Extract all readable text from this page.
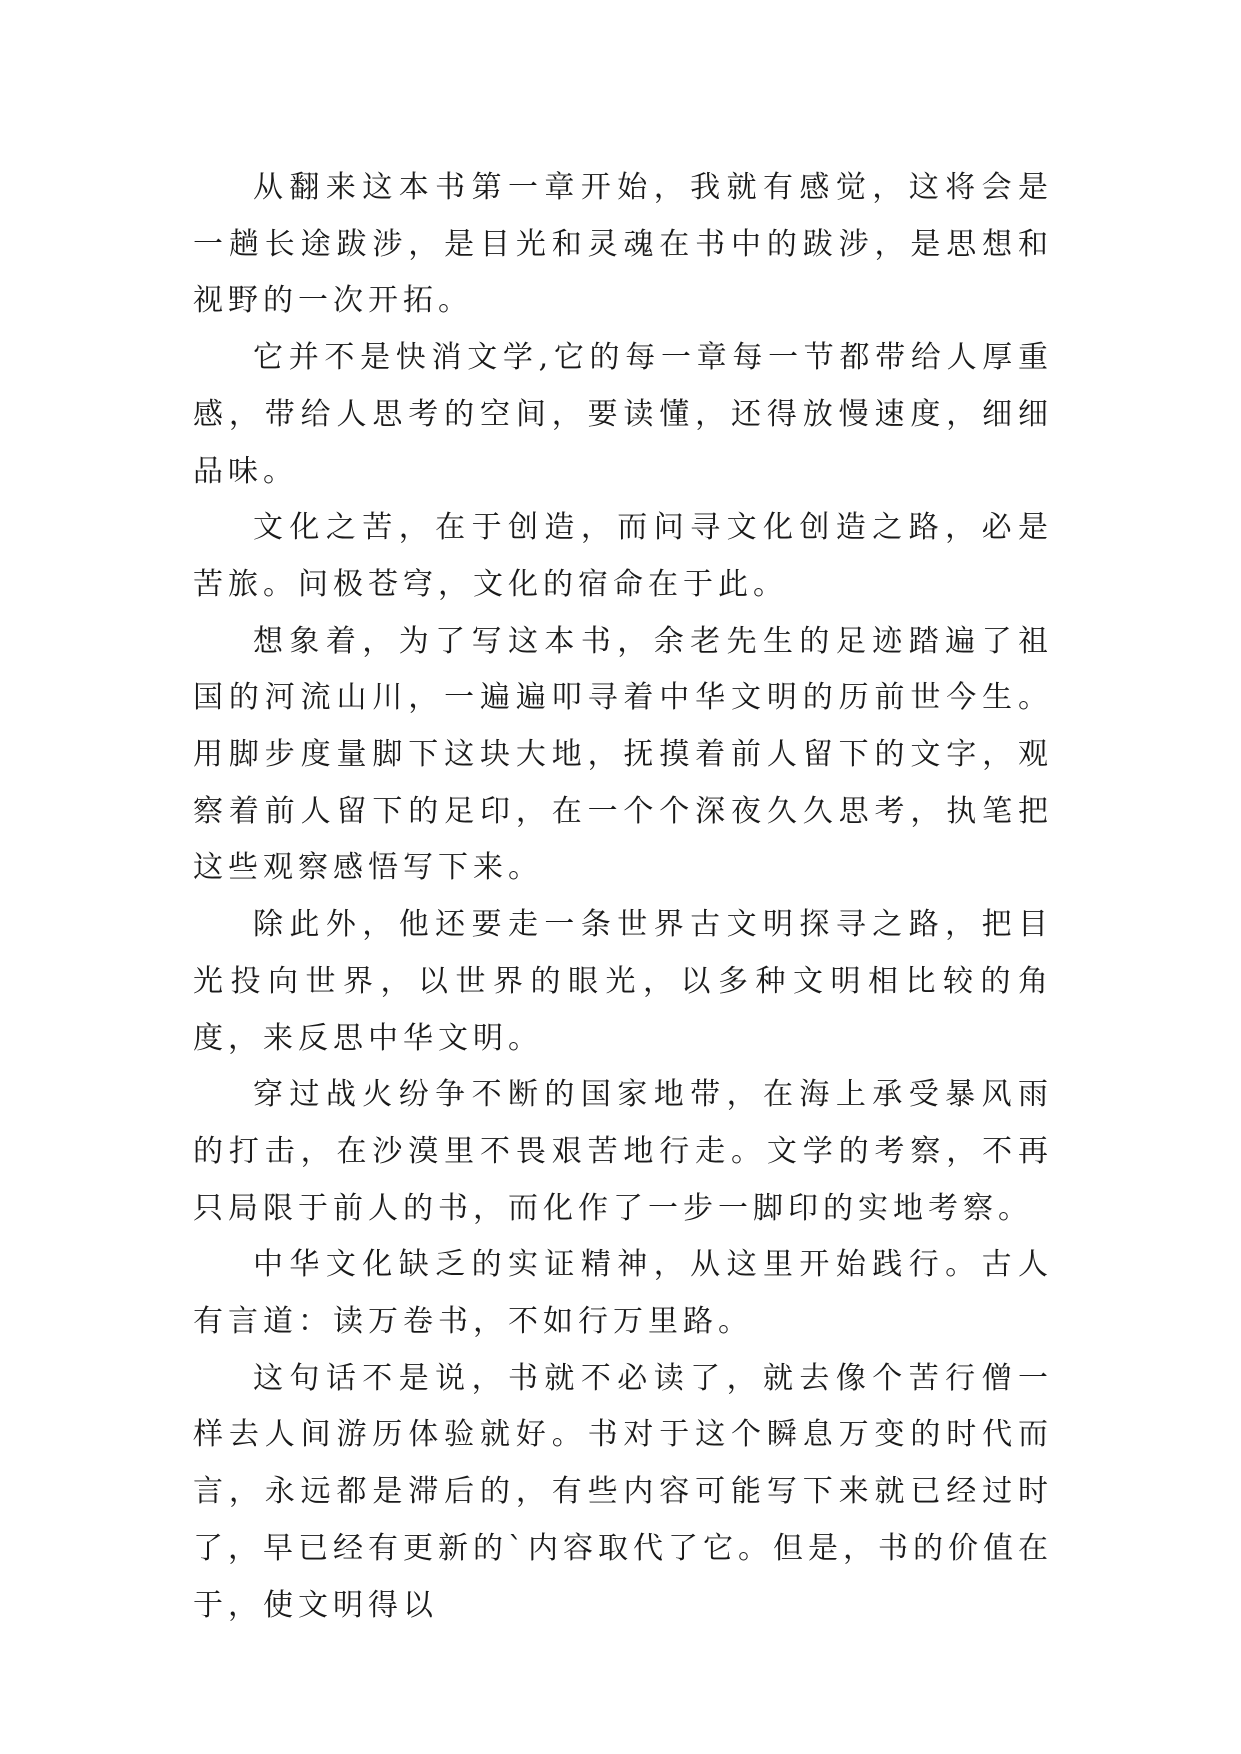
从翻来这本书第一章开始，我就有感觉，这将会是一趟长途跋涉，是目光和灵魂在书中的跋涉，是思想和视野的一次开拓。

它并不是快消文学,它的每一章每一节都带给人厚重感，带给人思考的空间，要读懂，还得放慢速度，细细品味。

文化之苦，在于创造，而问寻文化创造之路，必是苦旅。问极苍穹，文化的宿命在于此。

想象着，为了写这本书，余老先生的足迹踏遍了祖国的河流山川，一遍遍叩寻着中华文明的历前世今生。用脚步度量脚下这块大地，抚摸着前人留下的文字，观察着前人留下的足印，在一个个深夜久久思考，执笔把这些观察感悟写下来。

除此外，他还要走一条世界古文明探寻之路，把目光投向世界，以世界的眼光，以多种文明相比较的角度，来反思中华文明。

穿过战火纷争不断的国家地带，在海上承受暴风雨的打击，在沙漠里不畏艰苦地行走。文学的考察，不再只局限于前人的书，而化作了一步一脚印的实地考察。

中华文化缺乏的实证精神，从这里开始践行。古人有言道：读万卷书，不如行万里路。

这句话不是说，书就不必读了，就去像个苦行僧一样去人间游历体验就好。书对于这个瞬息万变的时代而言，永远都是滞后的，有些内容可能写下来就已经过时了，早已经有更新的`内容取代了它。但是，书的价值在于，使文明得以
